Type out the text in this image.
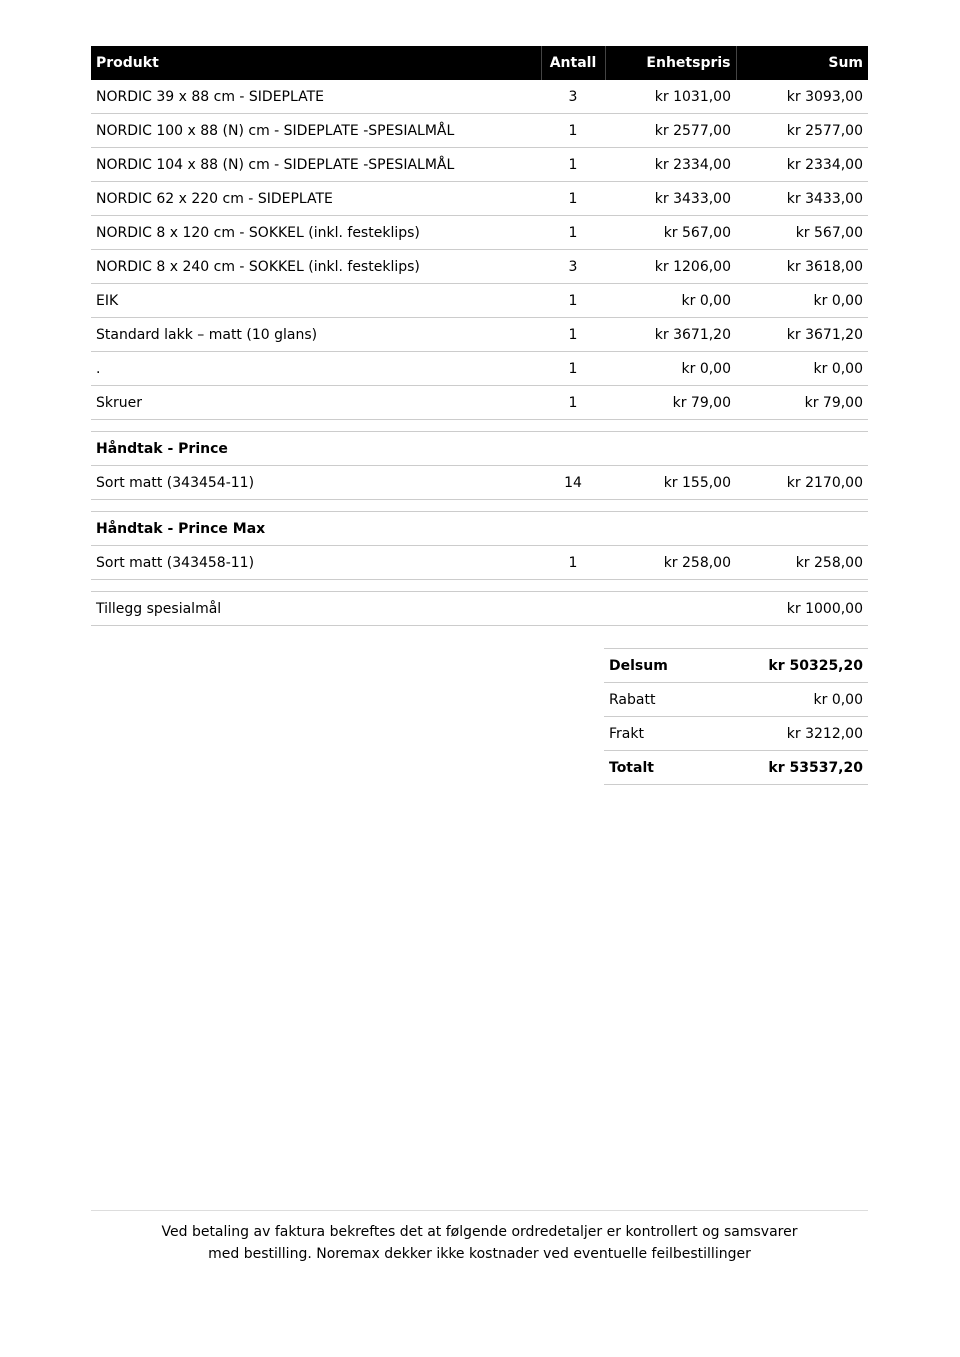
Produkt	Antall	Enhetspris	Sum
NORDIC 39 x 88 cm - SIDEPLATE	3	kr 1031,00	kr 3093,00
NORDIC 100 x 88 (N) cm - SIDEPLATE -SPESIALMÅL	1	kr 2577,00	kr 2577,00
NORDIC 104 x 88 (N) cm - SIDEPLATE -SPESIALMÅL	1	kr 2334,00	kr 2334,00
NORDIC 62 x 220 cm - SIDEPLATE	1	kr 3433,00	kr 3433,00
NORDIC 8 x 120 cm - SOKKEL (inkl. festeklips)	1	kr 567,00	kr 567,00
NORDIC 8 x 240 cm - SOKKEL (inkl. festeklips)	3	kr 1206,00	kr 3618,00
EIK	1	kr 0,00	kr 0,00
Standard lakk – matt (10 glans)	1	kr 3671,20	kr 3671,20
.	1	kr 0,00	kr 0,00
Skruer	1	kr 79,00	kr 79,00

Håndtak - Prince			
Sort matt (343454-11)	14	kr 155,00	kr 2170,00

Håndtak - Prince Max			
Sort matt (343458-11)	1	kr 258,00	kr 258,00

Tillegg spesialmål			kr 1000,00
Delsum	kr 50325,20
Rabatt	kr 0,00
Frakt	kr 3212,00
Totalt	kr 53537,20
Ved betaling av faktura bekreftes det at følgende ordredetaljer er kontrollert og samsvarer
med bestilling. Noremax dekker ikke kostnader ved eventuelle feilbestillinger
